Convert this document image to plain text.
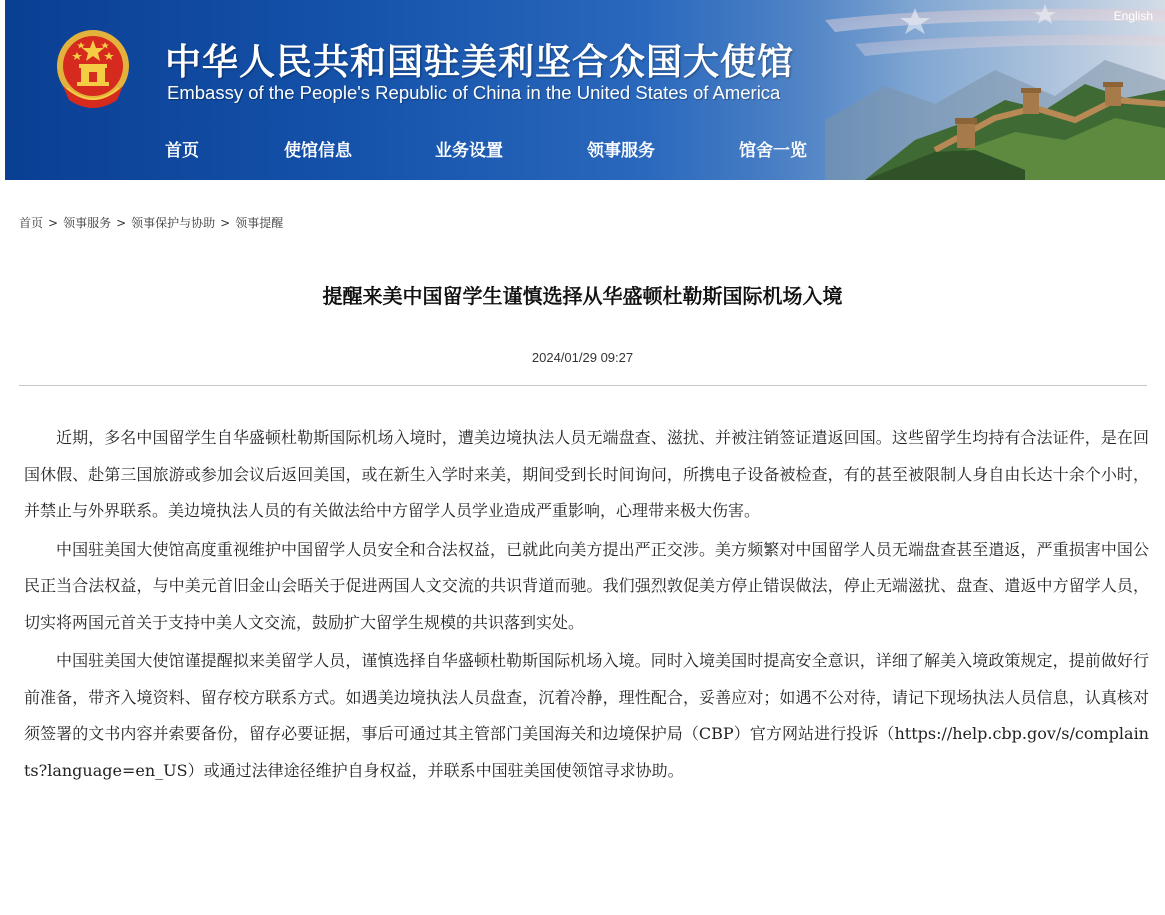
中华人民共和国驻美利坚合众国大使馆
Embassy of the People's Republic of China in the United States of America
English
首页	使馆信息	业务设置	领事服务	馆舍一览
首页 > 领事服务 > 领事保护与协助 > 领事提醒
提醒来美中国留学生谨慎选择从华盛顿杜勒斯国际机场入境
2024/01/29 09:27

近期，多名中国留学生自华盛顿杜勒斯国际机场入境时，遭美边境执法人员无端盘查、滋扰、并被注销签证遣返回国。这些留学生均持有合法证件，是在回国休假、赴第三国旅游或参加会议后返回美国，或在新生入学时来美，期间受到长时间询问，所携电子设备被检查，有的甚至被限制人身自由长达十余个小时，并禁止与外界联系。美边境执法人员的有关做法给中方留学人员学业造成严重影响，心理带来极大伤害。

中国驻美国大使馆高度重视维护中国留学人员安全和合法权益，已就此向美方提出严正交涉。美方频繁对中国留学人员无端盘查甚至遣返，严重损害中国公民正当合法权益，与中美元首旧金山会晤关于促进两国人文交流的共识背道而驰。我们强烈敦促美方停止错误做法，停止无端滋扰、盘查、遣返中方留学人员，切实将两国元首关于支持中美人文交流，鼓励扩大留学生规模的共识落到实处。

中国驻美国大使馆谨提醒拟来美留学人员，谨慎选择自华盛顿杜勒斯国际机场入境。同时入境美国时提高安全意识，详细了解美入境政策规定，提前做好行前准备，带齐入境资料、留存校方联系方式。如遇美边境执法人员盘查，沉着冷静，理性配合，妥善应对；如遇不公对待，请记下现场执法人员信息，认真核对须签署的文书内容并索要备份，留存必要证据，事后可通过其主管部门美国海关和边境保护局（CBP）官方网站进行投诉（https://help.cbp.gov/s/complaints?language=en_US）或通过法律途径维护自身权益，并联系中国驻美国使领馆寻求协助。
